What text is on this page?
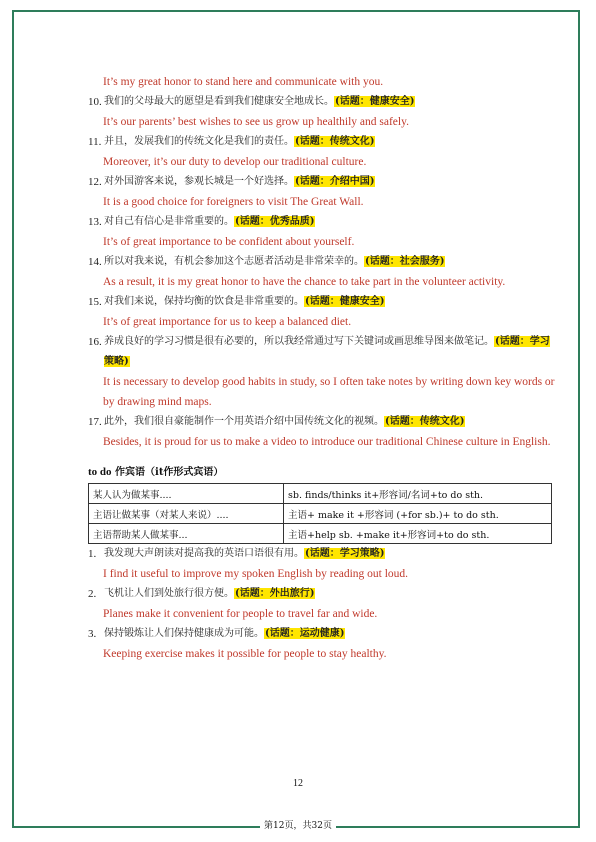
It’s my great honor to stand here and communicate with you.
10. 我们的父母最大的愿望是看到我们健康安全地成长。(话题：健康安全)
It’s our parents’ best wishes to see us grow up healthily and safely.
11. 并且，发展我们的传统文化是我们的责任。(话题：传统文化)
Moreover, it’s our duty to develop our traditional culture.
12. 对外国游客来说，参观长城是一个好选择。(话题：介绍中国)
It is a good choice for foreigners to visit The Great Wall.
13. 对自己有信心是非常重要的。(话题：优秀品质)
It’s of great importance to be confident about yourself.
14. 所以对我来说，有机会参加这个志愿者活动是非常荣幸的。(话题：社会服务)
As a result, it is my great honor to have the chance to take part in the volunteer activity.
15. 对我们来说，保持均衡的饮食是非常重要的。(话题：健康安全)
It’s of great importance for us to keep a balanced diet.
16. 养成良好的学习习惯是很有必要的，所以我经常通过写下关键词或画思维导图来做笔记。(话题：学习策略)
It is necessary to develop good habits in study, so I often take notes by writing down key words or by drawing mind maps.
17. 此外，我们很自豪能制作一个用英语介绍中国传统文化的视频。(话题：传统文化)
Besides, it is proud for us to make a video to introduce our traditional Chinese culture in English.
to do 作宾语（it作形式宾语）
某人认为做某事....	sb. finds/thinks it+形容词/名词+to do sth.
主语让做某事（对某人来说）....	主语+ make it +形容词 (+for sb.)+ to do sth.
主语帮助某人做某事...	主语+help sb. +make it+形容词+to do sth.
1. 我发现大声朗读对提高我的英语口语很有用。(话题：学习策略)
I find it useful to improve my spoken English by reading out loud.
2. 飞机让人们到处旅行很方便。(话题：外出旅行)
Planes make it convenient for people to travel far and wide.
3. 保持锻炼让人们保持健康成为可能。(话题：运动健康)
Keeping exercise makes it possible for people to stay healthy.
12
第12页，共32页
